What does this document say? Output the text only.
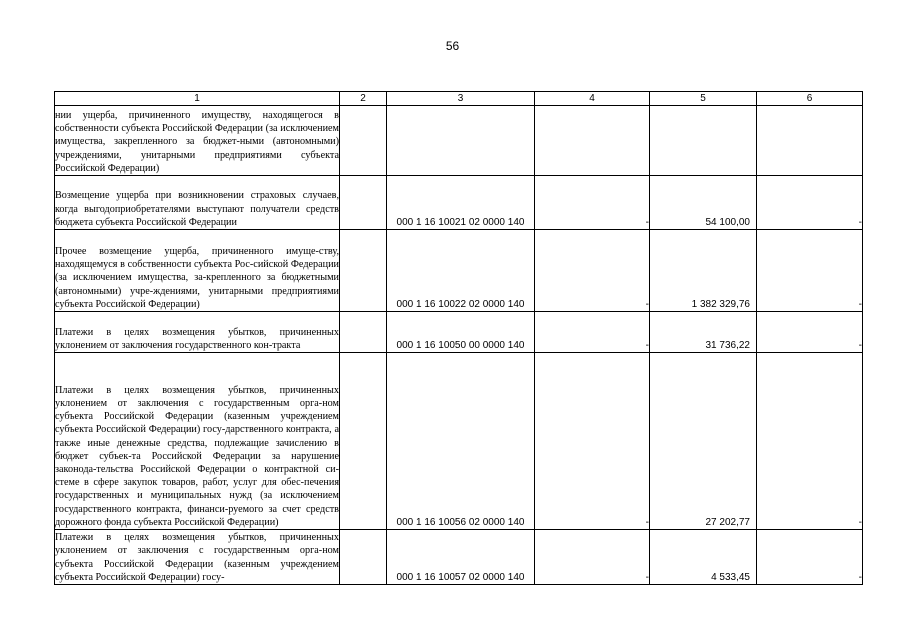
56
1	2	3	4	5	6
нии ущерба, причиненного имуществу, находящегося в собственности субъекта Российской Федерации (за исключением имущества, закрепленного за бюджет-ными (автономными) учреждениями, унитарными предприятиями субъекта Российской Федерации)					
Возмещение ущерба при возникновении страховых случаев, когда выгодоприобретателями выступают получатели средств бюджета субъекта Российской Федерации		000 1 16 10021 02 0000 140	-	54 100,00	-
Прочее возмещение ущерба, причиненного имуще-ству, находящемуся в собственности субъекта Рос-сийской Федерации (за исключением имущества, за-крепленного за бюджетными (автономными) учре-ждениями, унитарными предприятиями субъекта Российской Федерации)		000 1 16 10022 02 0000 140	-	1 382 329,76	-
Платежи в целях возмещения убытков, причиненных уклонением от заключения государственного кон-тракта		000 1 16 10050 00 0000 140	-	31 736,22	-
Платежи в целях возмещения убытков, причиненных уклонением от заключения с государственным орга-ном субъекта Российской Федерации (казенным учреждением субъекта Российской Федерации) госу-дарственного контракта, а также иные денежные средства, подлежащие зачислению в бюджет субъек-та Российской Федерации за нарушение законода-тельства Российской Федерации о контрактной си-стеме в сфере закупок товаров, работ, услуг для обес-печения государственных и муниципальных нужд (за исключением государственного контракта, финанси-руемого за счет средств дорожного фонда субъекта Российской Федерации)		000 1 16 10056 02 0000 140	-	27 202,77	-
Платежи в целях возмещения убытков, причиненных уклонением от заключения с государственным орга-ном субъекта Российской Федерации (казенным учреждением субъекта Российской Федерации) госу-		000 1 16 10057 02 0000 140	-	4 533,45	-
